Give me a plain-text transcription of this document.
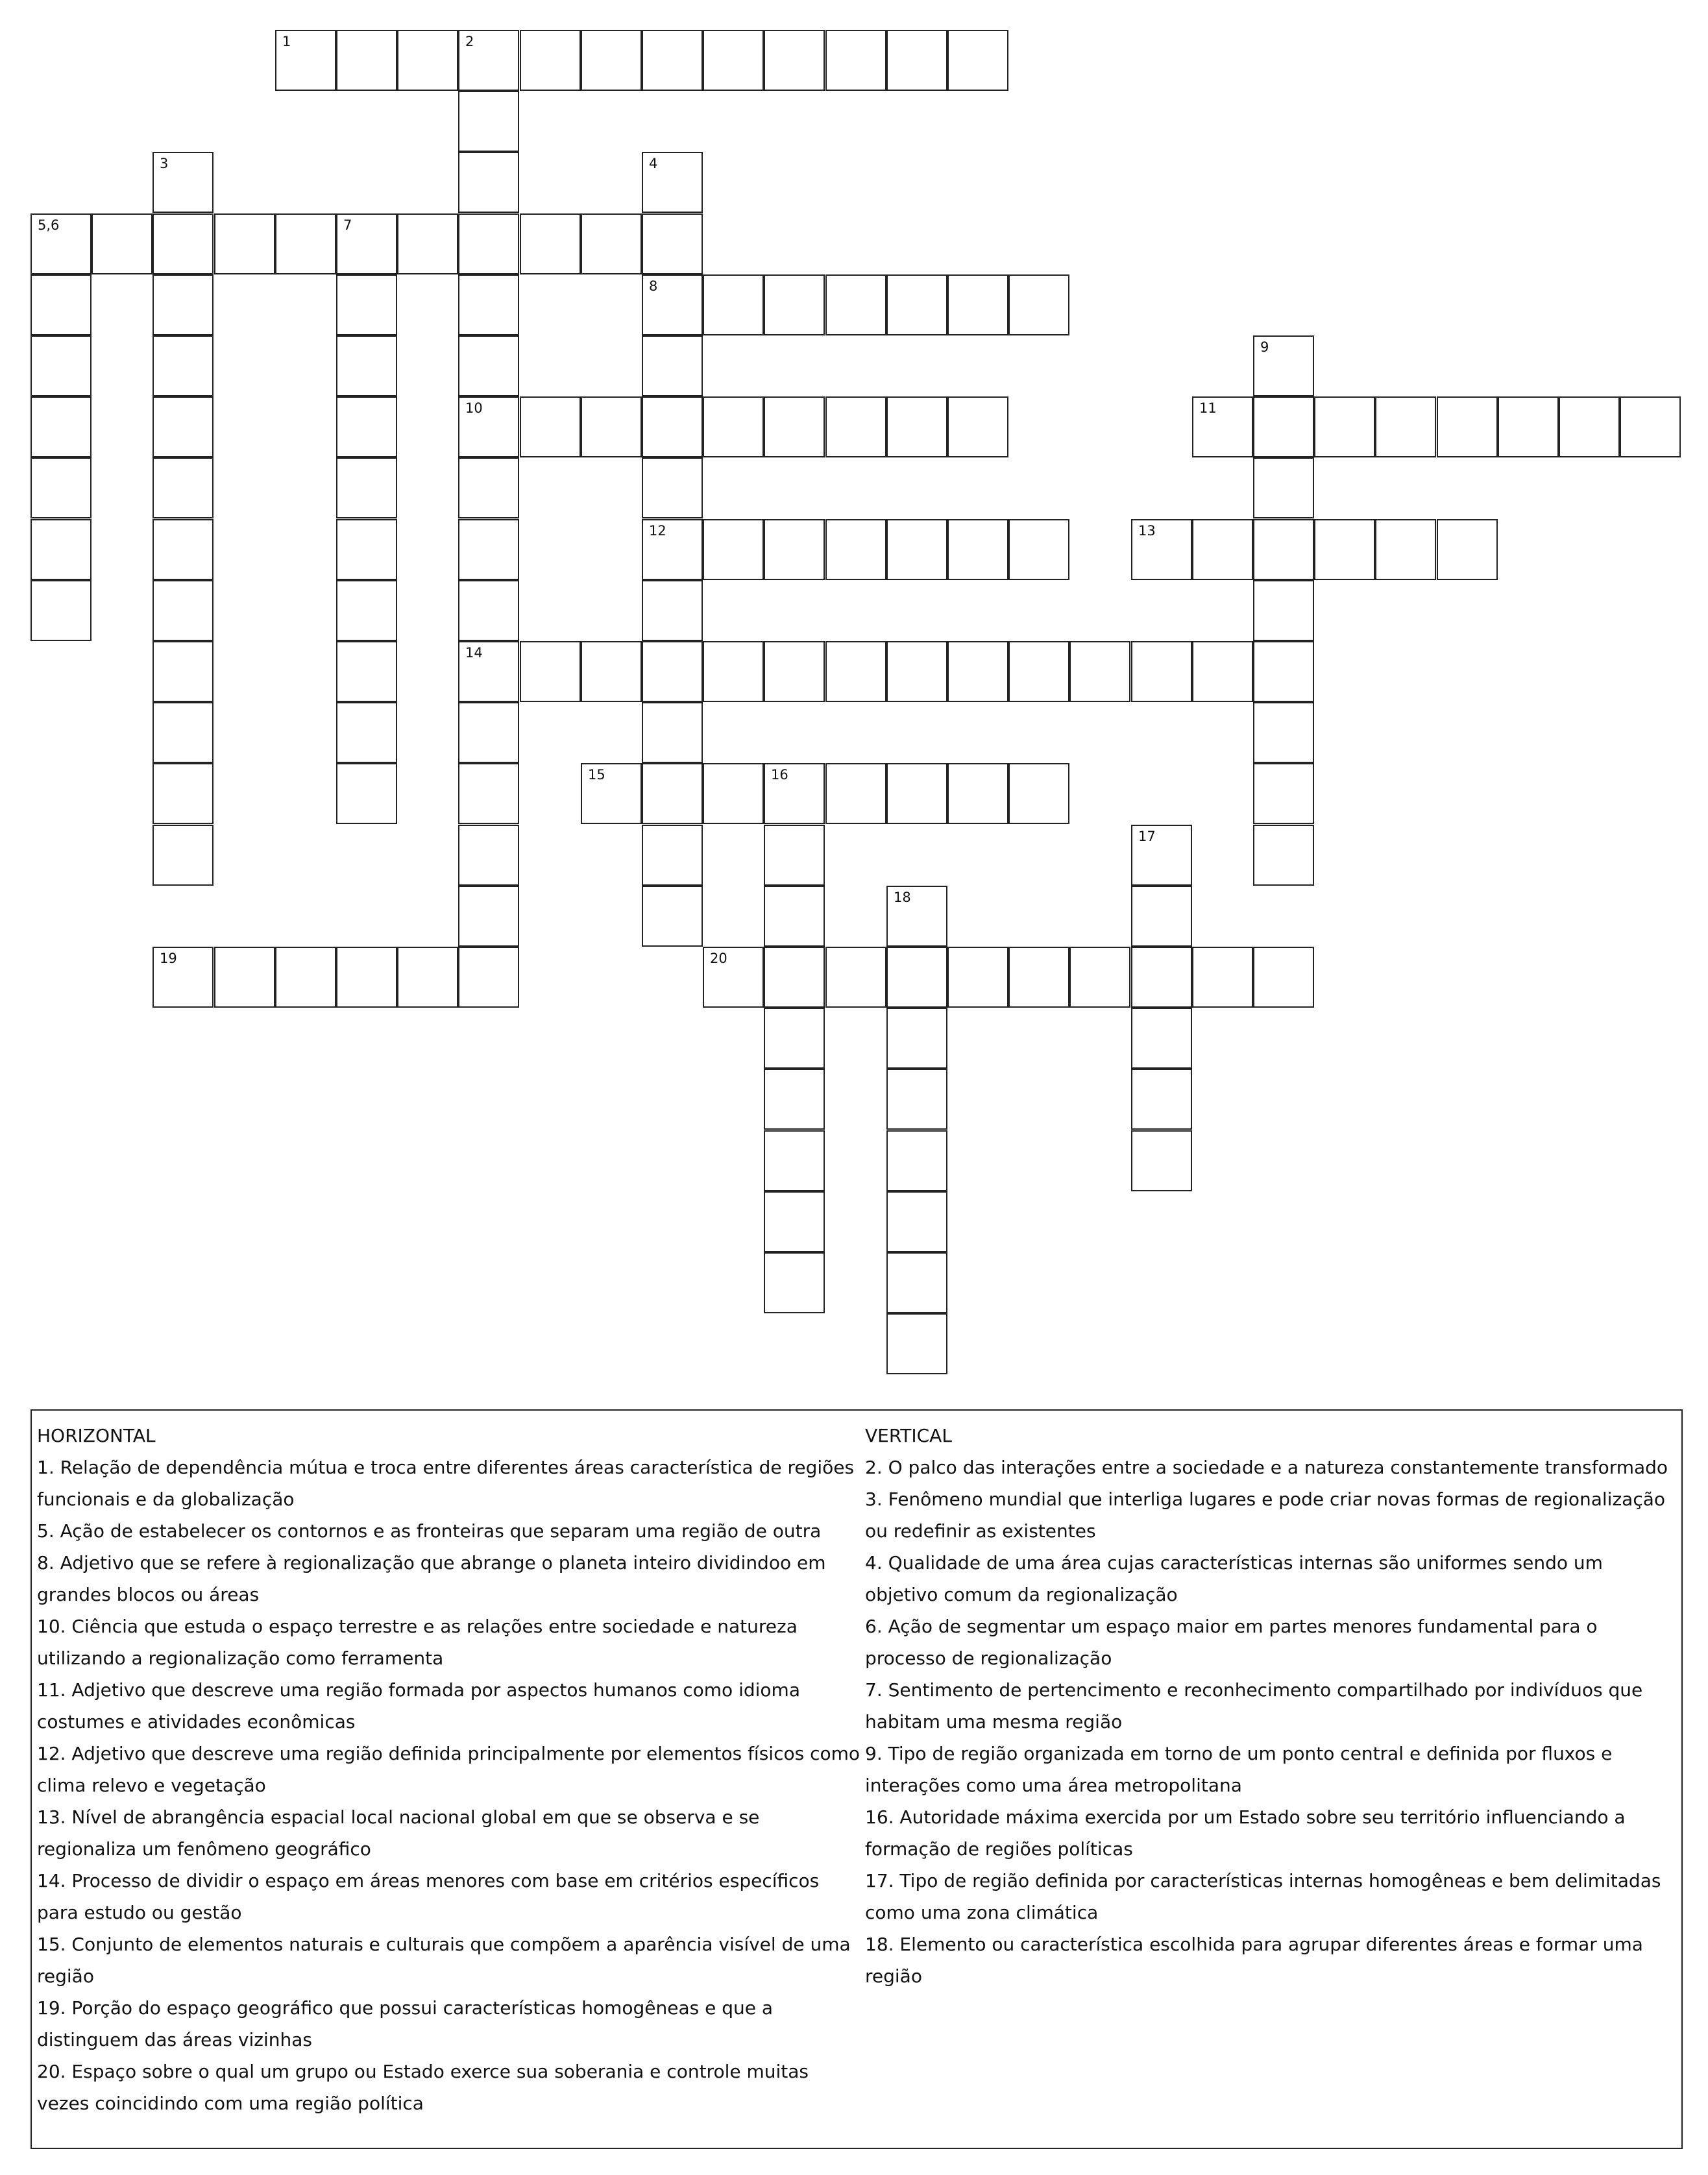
1	2
10
14
3	4
8
12
5,6	7
9
11
13
15	16
17
18
19	20

HORIZONTAL

1. Relação de dependência mútua e troca entre diferentes áreas característica de regiões funcionais e da globalização

5. Ação de estabelecer os contornos e as fronteiras que separam uma região de outra

8. Adjetivo que se refere à regionalização que abrange o planeta inteiro dividindoo em grandes blocos ou áreas

10. Ciência que estuda o espaço terrestre e as relações entre sociedade e natureza utilizando a regionalização como ferramenta

11. Adjetivo que descreve uma região formada por aspectos humanos como idioma costumes e atividades econômicas

12. Adjetivo que descreve uma região definida principalmente por elementos físicos como clima relevo e vegetação

13. Nível de abrangência espacial local nacional global em que se observa e se regionaliza um fenômeno geográfico

14. Processo de dividir o espaço em áreas menores com base em critérios específicos para estudo ou gestão

15. Conjunto de elementos naturais e culturais que compõem a aparência visível de uma região

19. Porção do espaço geográfico que possui características homogêneas e que a distinguem das áreas vizinhas

20. Espaço sobre o qual um grupo ou Estado exerce sua soberania e controle muitas vezes coincidindo com uma região política

VERTICAL

2. O palco das interações entre a sociedade e a natureza constantemente transformado

3. Fenômeno mundial que interliga lugares e pode criar novas formas de regionalização ou redefinir as existentes

4. Qualidade de uma área cujas características internas são uniformes sendo um objetivo comum da regionalização

6. Ação de segmentar um espaço maior em partes menores fundamental para o processo de regionalização

7. Sentimento de pertencimento e reconhecimento compartilhado por indivíduos que habitam uma mesma região

9. Tipo de região organizada em torno de um ponto central e definida por fluxos e interações como uma área metropolitana

16. Autoridade máxima exercida por um Estado sobre seu território influenciando a formação de regiões políticas

17. Tipo de região definida por características internas homogêneas e bem delimitadas como uma zona climática

18. Elemento ou característica escolhida para agrupar diferentes áreas e formar uma região
